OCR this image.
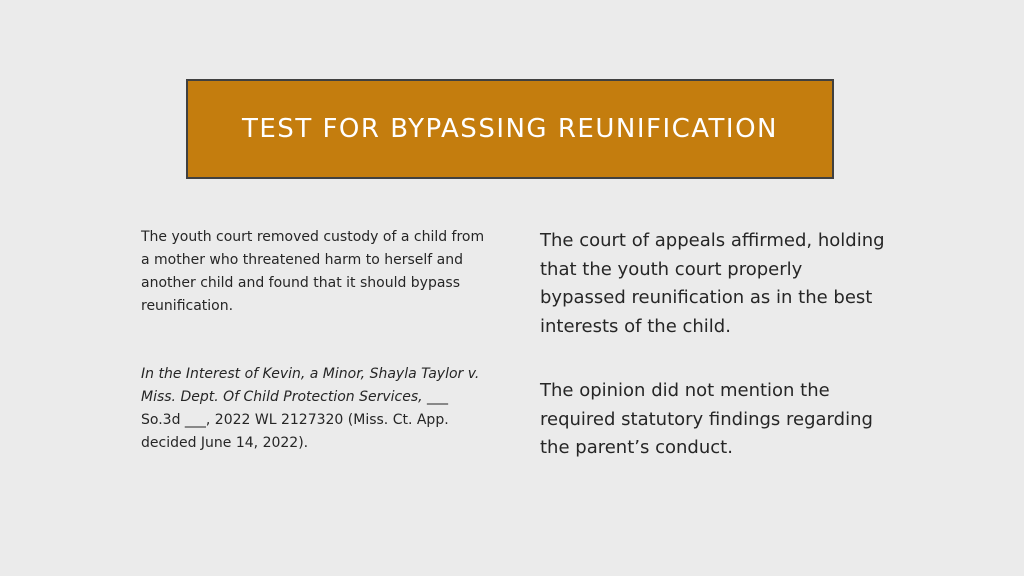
TEST FOR BYPASSING REUNIFICATION

The youth court removed custody of a child from a mother who threatened harm to herself and another child and found that it should bypass reunification.

In the Interest of Kevin, a Minor, Shayla Taylor v. Miss. Dept. Of Child Protection Services, ___ So.3d ___, 2022 WL 2127320 (Miss. Ct. App. decided June 14, 2022).

The court of appeals affirmed, holding that the youth court properly bypassed reunification as in the best interests of the child.

The opinion did not mention the required statutory findings regarding the parent’s conduct.
